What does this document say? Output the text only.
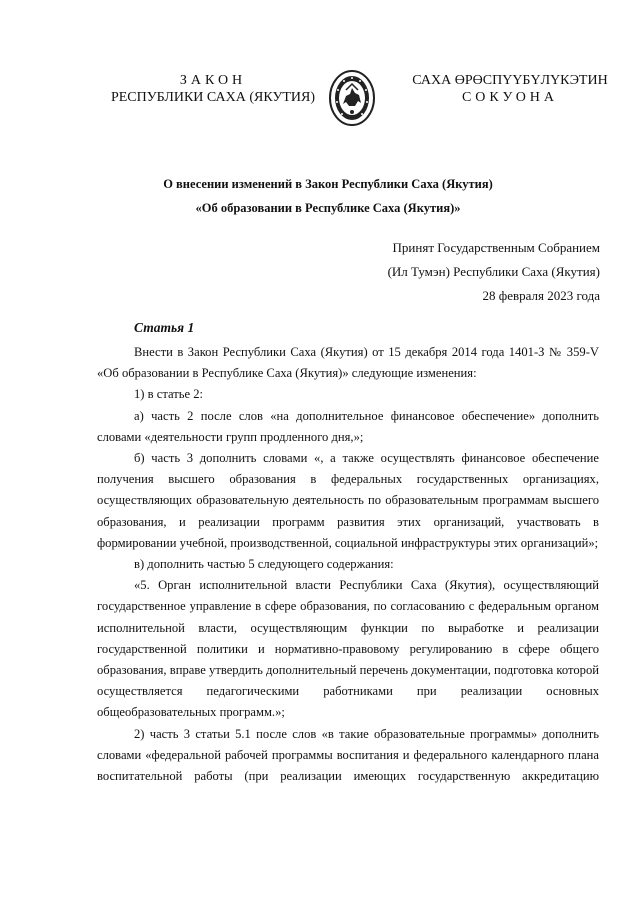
ЗАКОН
РЕСПУБЛИКИ САХА (ЯКУТИЯ)
САХА ӨРӨСПҮҮБҮЛҮКЭТИН
СОКУОНА
О внесении изменений в Закон Республики Саха (Якутия)
«Об образовании в Республике Саха (Якутия)»
Принят Государственным Собранием
(Ил Тумэн) Республики Саха (Якутия)
28 февраля 2023 года
Статья 1

Внести в Закон Республики Саха (Якутия) от 15 декабря 2014 года 1401-З № 359-V «Об образовании в Республике Саха (Якутия)» следующие изменения:

1) в статье 2:

а) часть 2 после слов «на дополнительное финансовое обеспечение» дополнить словами «деятельности групп продленного дня,»;

б) часть 3 дополнить словами «, а также осуществлять финансовое обеспечение получения высшего образования в федеральных государственных организациях, осуществляющих образовательную деятельность по образовательным программам высшего образования, и реализации программ развития этих организаций, участвовать в формировании учебной, производственной, социальной инфраструктуры этих организаций»;

в) дополнить частью 5 следующего содержания:

«5. Орган исполнительной власти Республики Саха (Якутия), осуществляющий государственное управление в сфере образования, по согласованию с федеральным органом исполнительной власти, осуществляющим функции по выработке и реализации государственной политики и нормативно-правовому регулированию в сфере общего образования, вправе утвердить дополнительный перечень документации, подготовка которой осуществляется педагогическими работниками при реализации основных общеобразовательных программ.»;

2) часть 3 статьи 5.1 после слов «в такие образовательные программы» дополнить словами «федеральной рабочей программы воспитания и федерального календарного плана воспитательной работы (при реализации имеющих государственную аккредитацию
